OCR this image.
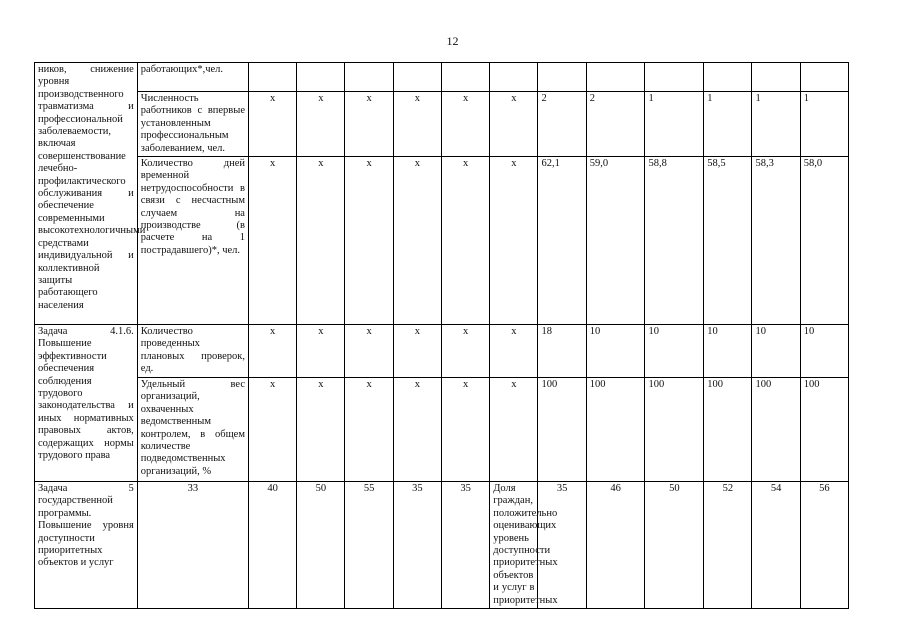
12
ников, снижение уровня производственного травматизма и профессиональной заболеваемости, включая совершенствование лечебно-профилактического обслуживания и обеспечение современными высокотехнологичными средствами индивидуальной и коллективной защиты работающего населения	работающих*,чел.												
	Численность работников с впервые установленным профессиональным заболеванием, чел.	х	х	х	х	х	х	2	2	1	1	1	1
	Количество дней временной нетрудоспособности в связи с несчастным случаем на производстве (в расчете на 1 пострадавшего)*, чел.	х	х	х	х	х	х	62,1	59,0	58,8	58,5	58,3	58,0
Задача 4.1.6. Повышение эффективности обеспечения соблюдения трудового законодательства и иных нормативных правовых актов, содержащих нормы трудового права	Количество проведенных плановых проверок, ед.	х	х	х	х	х	х	18	10	10	10	10	10
	Удельный вес организаций, охваченных ведомственным контролем, в общем количестве подведомственных организаций, %	х	х	х	х	х	х	100	100	100	100	100	100
Задача 5 государственной программы. Повышение уровня доступности приоритетных объектов и услуг	33	40	50	55	35	35	Доля граждан, положительно оценивающих уровень доступности приоритетных объектов и услуг в приоритетных	35	46	50	52	54	56
